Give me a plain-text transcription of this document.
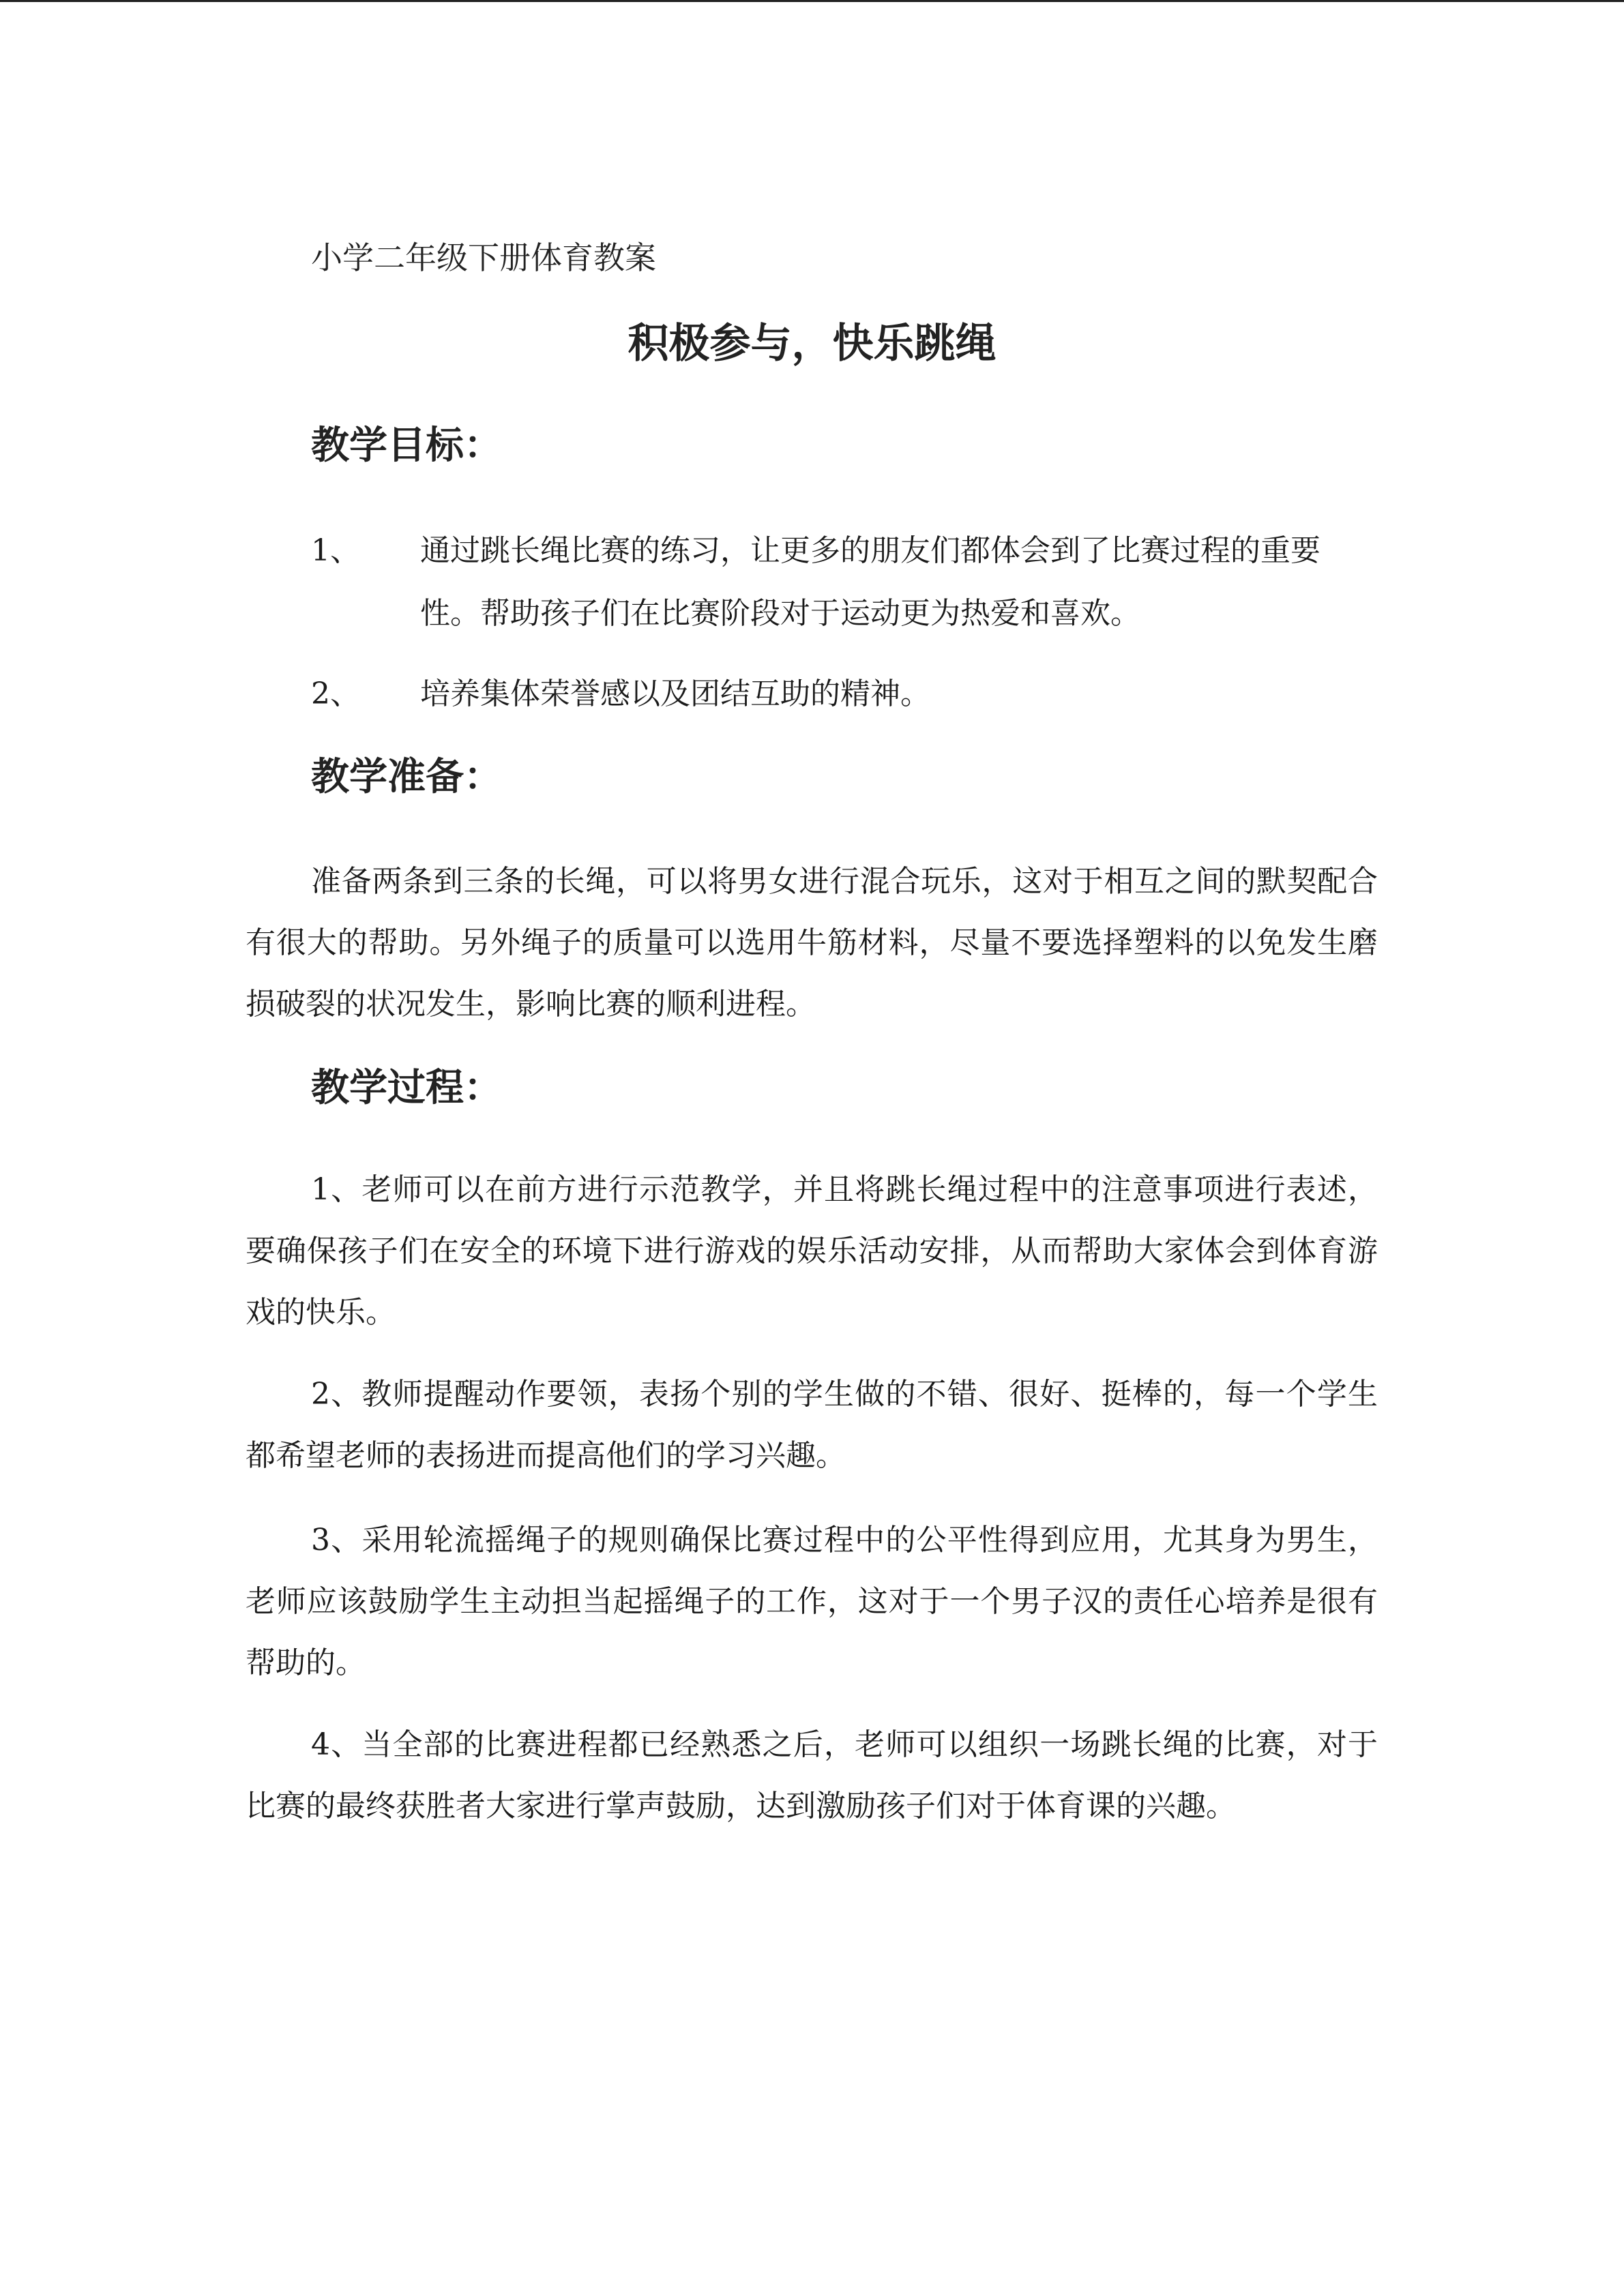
小学二年级下册体育教案
积极参与，快乐跳绳
教学目标：
1、 通过跳长绳比赛的练习，让更多的朋友们都体会到了比赛过程的重要性。帮助孩子们在比赛阶段对于运动更为热爱和喜欢。
2、 培养集体荣誉感以及团结互助的精神。
教学准备：
准备两条到三条的长绳，可以将男女进行混合玩乐，这对于相互之间的默契配合有很大的帮助。另外绳子的质量可以选用牛筋材料，尽量不要选择塑料的以免发生磨损破裂的状况发生，影响比赛的顺利进程。
教学过程：
1、老师可以在前方进行示范教学，并且将跳长绳过程中的注意事项进行表述，要确保孩子们在安全的环境下进行游戏的娱乐活动安排，从而帮助大家体会到体育游戏的快乐。
2、教师提醒动作要领，表扬个别的学生做的不错、很好、挺棒的，每一个学生都希望老师的表扬进而提高他们的学习兴趣。
3、采用轮流摇绳子的规则确保比赛过程中的公平性得到应用，尤其身为男生，老师应该鼓励学生主动担当起摇绳子的工作，这对于一个男子汉的责任心培养是很有帮助的。
4、当全部的比赛进程都已经熟悉之后，老师可以组织一场跳长绳的比赛，对于比赛的最终获胜者大家进行掌声鼓励，达到激励孩子们对于体育课的兴趣。
